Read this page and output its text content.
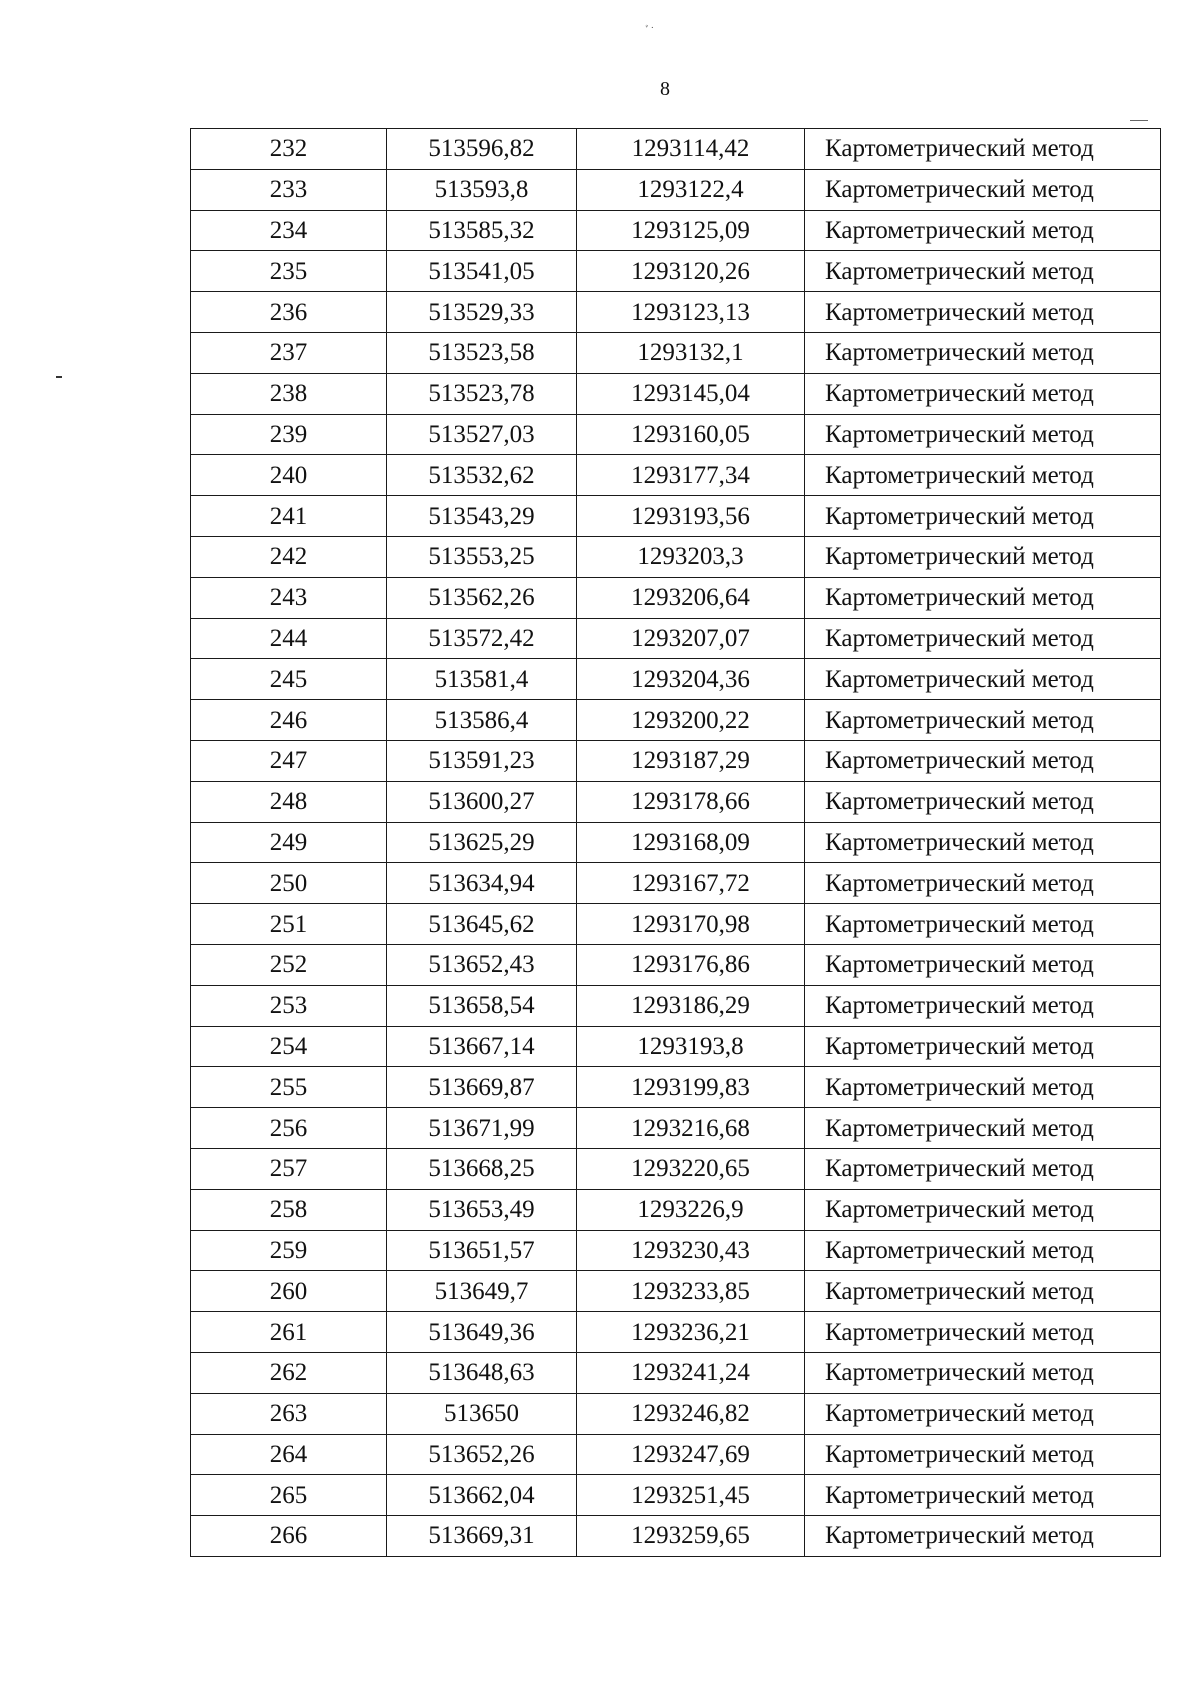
ﾞ˙
8
232	513596,82	1293114,42	Картометрический метод
233	513593,8	1293122,4	Картометрический метод
234	513585,32	1293125,09	Картометрический метод
235	513541,05	1293120,26	Картометрический метод
236	513529,33	1293123,13	Картометрический метод
237	513523,58	1293132,1	Картометрический метод
238	513523,78	1293145,04	Картометрический метод
239	513527,03	1293160,05	Картометрический метод
240	513532,62	1293177,34	Картометрический метод
241	513543,29	1293193,56	Картометрический метод
242	513553,25	1293203,3	Картометрический метод
243	513562,26	1293206,64	Картометрический метод
244	513572,42	1293207,07	Картометрический метод
245	513581,4	1293204,36	Картометрический метод
246	513586,4	1293200,22	Картометрический метод
247	513591,23	1293187,29	Картометрический метод
248	513600,27	1293178,66	Картометрический метод
249	513625,29	1293168,09	Картометрический метод
250	513634,94	1293167,72	Картометрический метод
251	513645,62	1293170,98	Картометрический метод
252	513652,43	1293176,86	Картометрический метод
253	513658,54	1293186,29	Картометрический метод
254	513667,14	1293193,8	Картометрический метод
255	513669,87	1293199,83	Картометрический метод
256	513671,99	1293216,68	Картометрический метод
257	513668,25	1293220,65	Картометрический метод
258	513653,49	1293226,9	Картометрический метод
259	513651,57	1293230,43	Картометрический метод
260	513649,7	1293233,85	Картометрический метод
261	513649,36	1293236,21	Картометрический метод
262	513648,63	1293241,24	Картометрический метод
263	513650	1293246,82	Картометрический метод
264	513652,26	1293247,69	Картометрический метод
265	513662,04	1293251,45	Картометрический метод
266	513669,31	1293259,65	Картометрический метод
